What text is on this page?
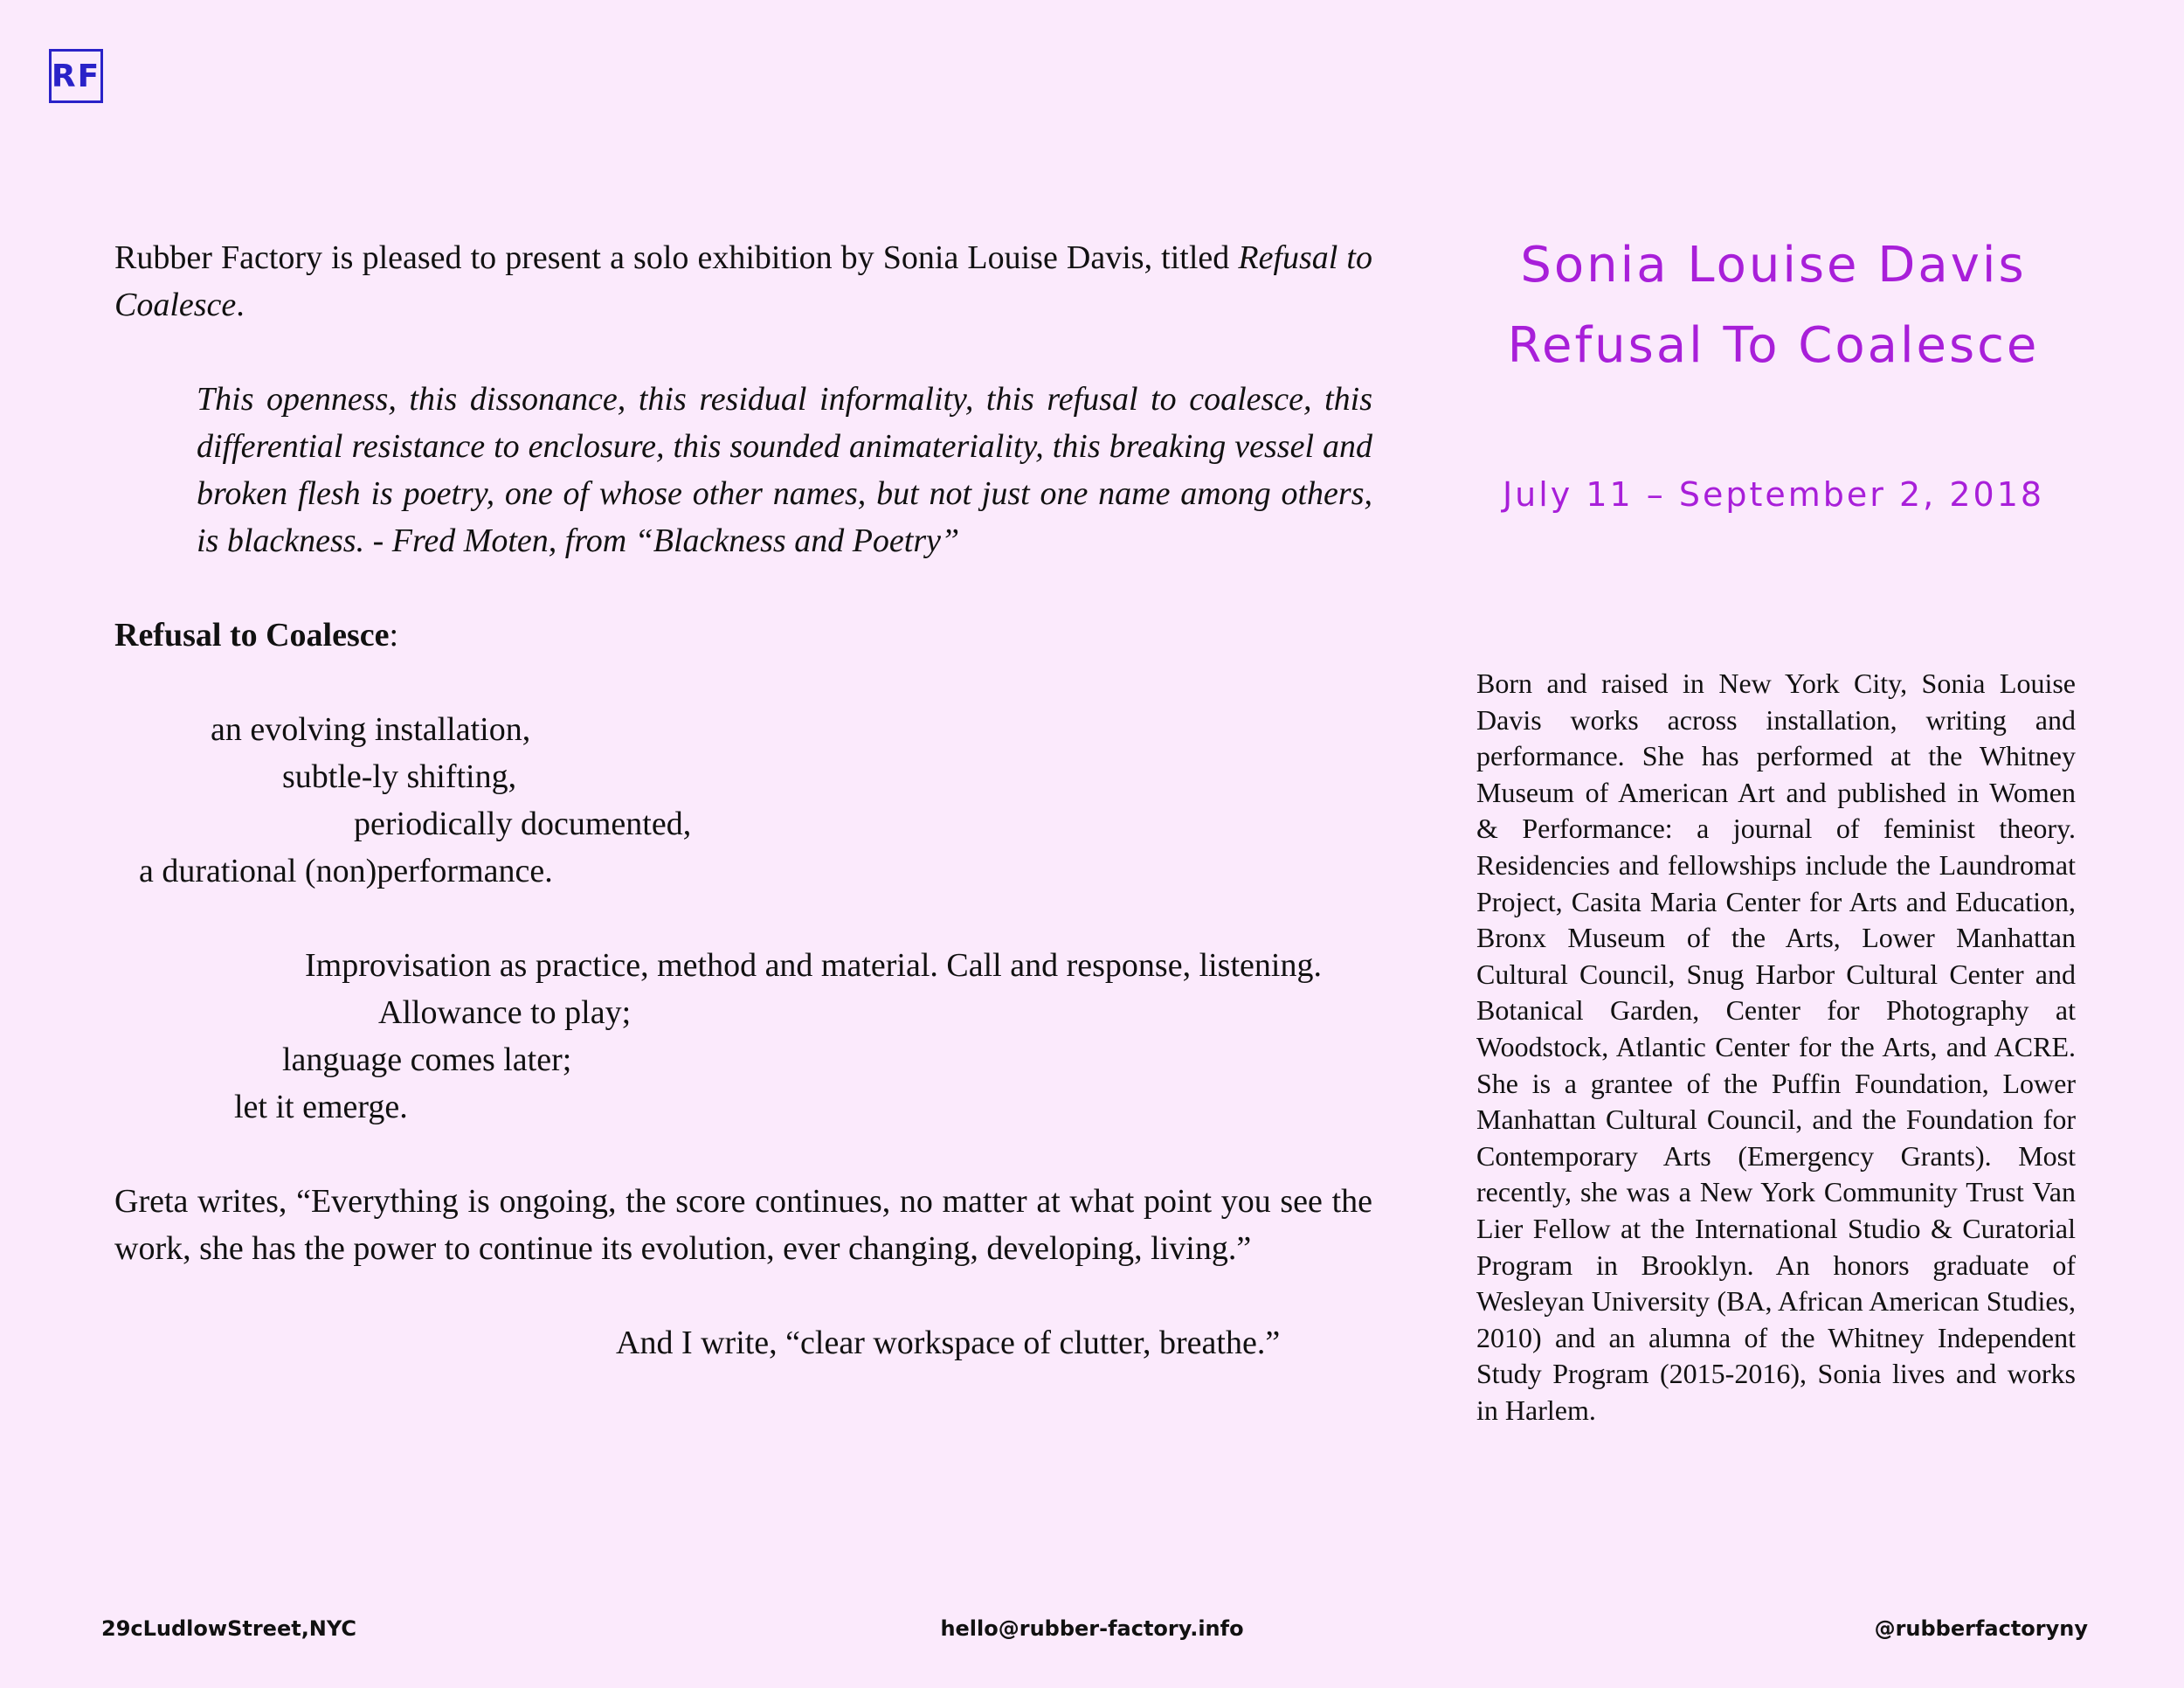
RF

Rubber Factory is pleased to present a solo exhibition by Sonia Louise Davis, titled Refusal to Coalesce.

This openness, this dissonance, this residual informality, this refusal to coalesce, this differential resistance to enclosure, this sounded animateriality, this breaking vessel and broken flesh is poetry, one of whose other names, but not just one name among others, is blackness. - Fred Moten, from “Blackness and Poetry”

Refusal to Coalesce:

an evolving installation,
subtle-ly shifting,
periodically documented,
a durational (non)performance.

Improvisation as practice, method and material. Call and response, listening.

Allowance to play;
language comes later;
let it emerge.

Greta writes, “Everything is ongoing, the score continues, no matter at what point you see the work, she has the power to continue its evolution, ever changing, developing, living.”

And I write, “clear workspace of clutter, breathe.”
Sonia Louise Davis
Refusal To Coalesce
July 11 – September 2, 2018

Born and raised in New York City, Sonia Louise Davis works across installation, writing and performance. She has performed at the Whitney Museum of American Art and published in Women & Performance: a journal of feminist theory. Residencies and fellowships include the Laundromat Project, Casita Maria Center for Arts and Education, Bronx Museum of the Arts, Lower Manhattan Cultural Council, Snug Harbor Cultural Center and Botanical Garden, Center for Photography at Woodstock, Atlantic Center for the Arts, and ACRE. She is a grantee of the Puffin Foundation, Lower Manhattan Cultural Council, and the Foundation for Contemporary Arts (Emergency Grants). Most recently, she was a New York Community Trust Van Lier Fellow at the International Studio & Curatorial Program in Brooklyn. An honors graduate of Wesleyan University (BA, African American Studies, 2010) and an alumna of the Whitney Independent Study Program (2015-2016), Sonia lives and works in Harlem.

29cLudlowStreet,NYC	hello@rubber-factory.info	@rubberfactoryny
